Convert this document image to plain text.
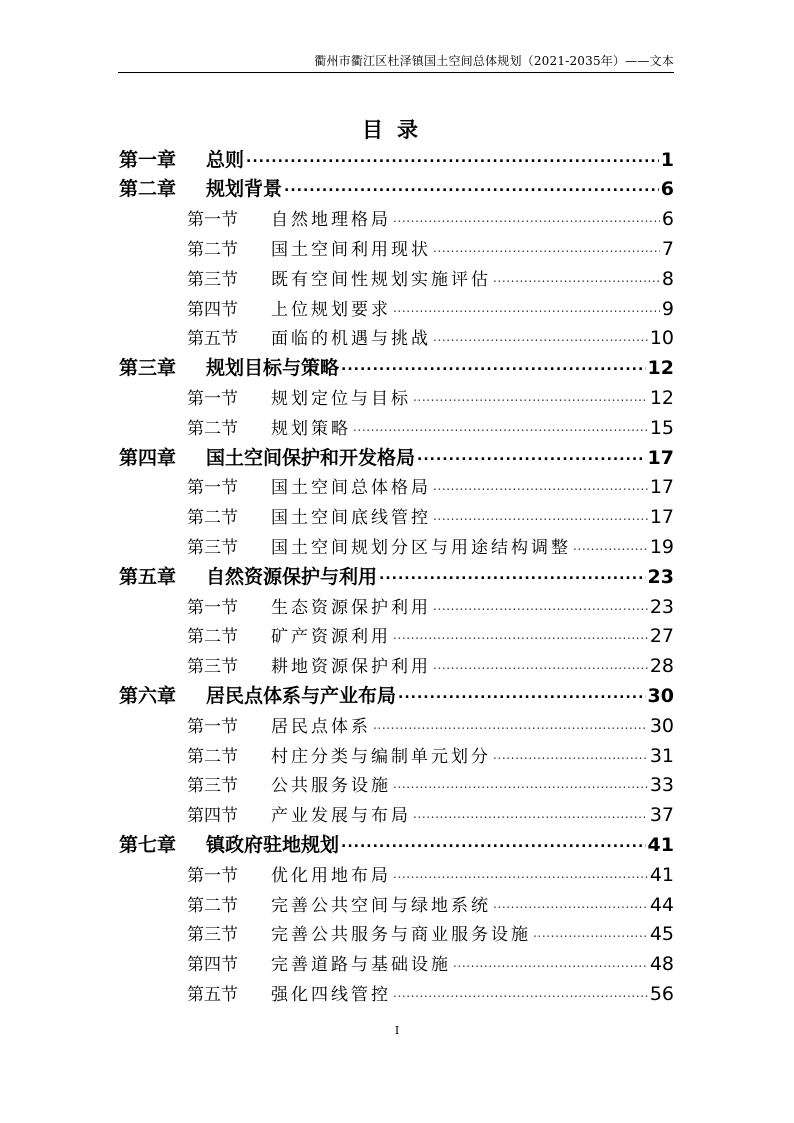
衢州市衢江区杜泽镇国土空间总体规划（2021-2035年）——文本
目录
第一章 总则 .....	1
第二章 规划背景 .....	6
第一节 自然地理格局 .....	6
第二节 国土空间利用现状 .....	7
第三节 既有空间性规划实施评估 .....	8
第四节 上位规划要求 .....	9
第五节 面临的机遇与挑战 .....	10
第三章 规划目标与策略 .....	12
第一节 规划定位与目标 .....	12
第二节 规划策略 .....	15
第四章 国土空间保护和开发格局 .....	17
第一节 国土空间总体格局 .....	17
第二节 国土空间底线管控 .....	17
第三节 国土空间规划分区与用途结构调整 .....	19
第五章 自然资源保护与利用 .....	23
第一节 生态资源保护利用 .....	23
第二节 矿产资源利用 .....	27
第三节 耕地资源保护利用 .....	28
第六章 居民点体系与产业布局 .....	30
第一节 居民点体系 .....	30
第二节 村庄分类与编制单元划分 .....	31
第三节 公共服务设施 .....	33
第四节 产业发展与布局 .....	37
第七章 镇政府驻地规划 .....	41
第一节 优化用地布局 .....	41
第二节 完善公共空间与绿地系统 .....	44
第三节 完善公共服务与商业服务设施 .....	45
第四节 完善道路与基础设施 .....	48
第五节 强化四线管控 .....	56
I
